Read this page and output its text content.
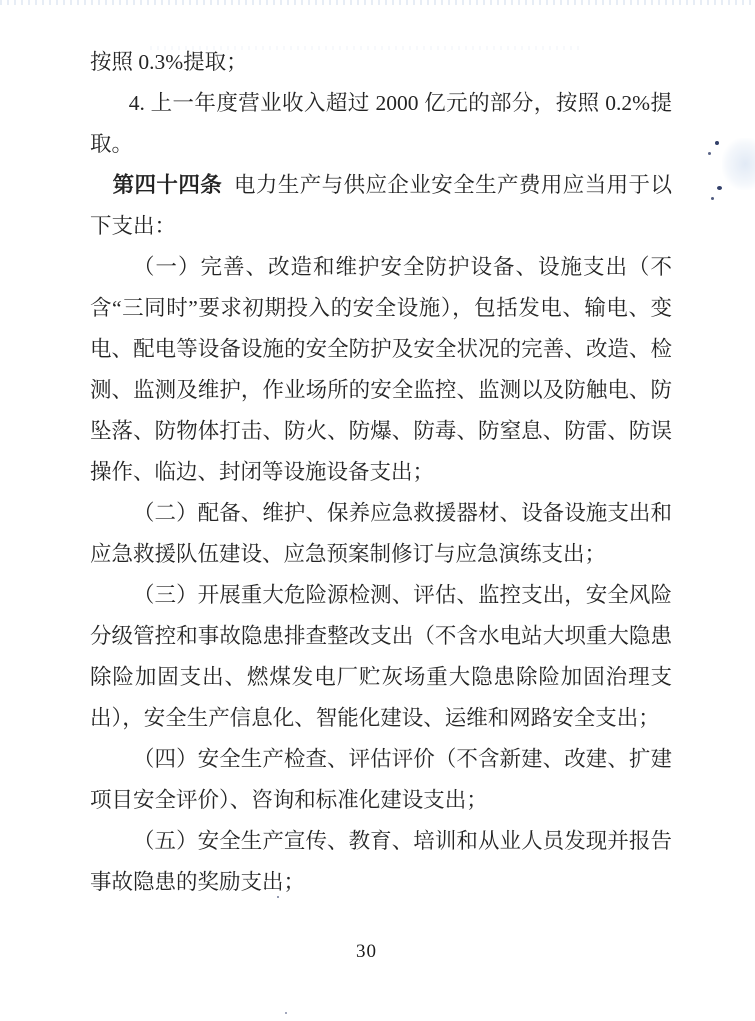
按照 0.3%提取；

4. 上一年度营业收入超过 2000 亿元的部分，按照 0.2%提取。

第四十四条 电力生产与供应企业安全生产费用应当用于以下支出：

（一）完善、改造和维护安全防护设备、设施支出（不含“三同时”要求初期投入的安全设施），包括发电、输电、变电、配电等设备设施的安全防护及安全状况的完善、改造、检测、监测及维护，作业场所的安全监控、监测以及防触电、防坠落、防物体打击、防火、防爆、防毒、防窒息、防雷、防误操作、临边、封闭等设施设备支出；

（二）配备、维护、保养应急救援器材、设备设施支出和应急救援队伍建设、应急预案制修订与应急演练支出；

（三）开展重大危险源检测、评估、监控支出，安全风险分级管控和事故隐患排查整改支出（不含水电站大坝重大隐患除险加固支出、燃煤发电厂贮灰场重大隐患除险加固治理支出），安全生产信息化、智能化建设、运维和网路安全支出；

（四）安全生产检查、评估评价（不含新建、改建、扩建项目安全评价）、咨询和标准化建设支出；

（五）安全生产宣传、教育、培训和从业人员发现并报告事故隐患的奖励支出；

30
